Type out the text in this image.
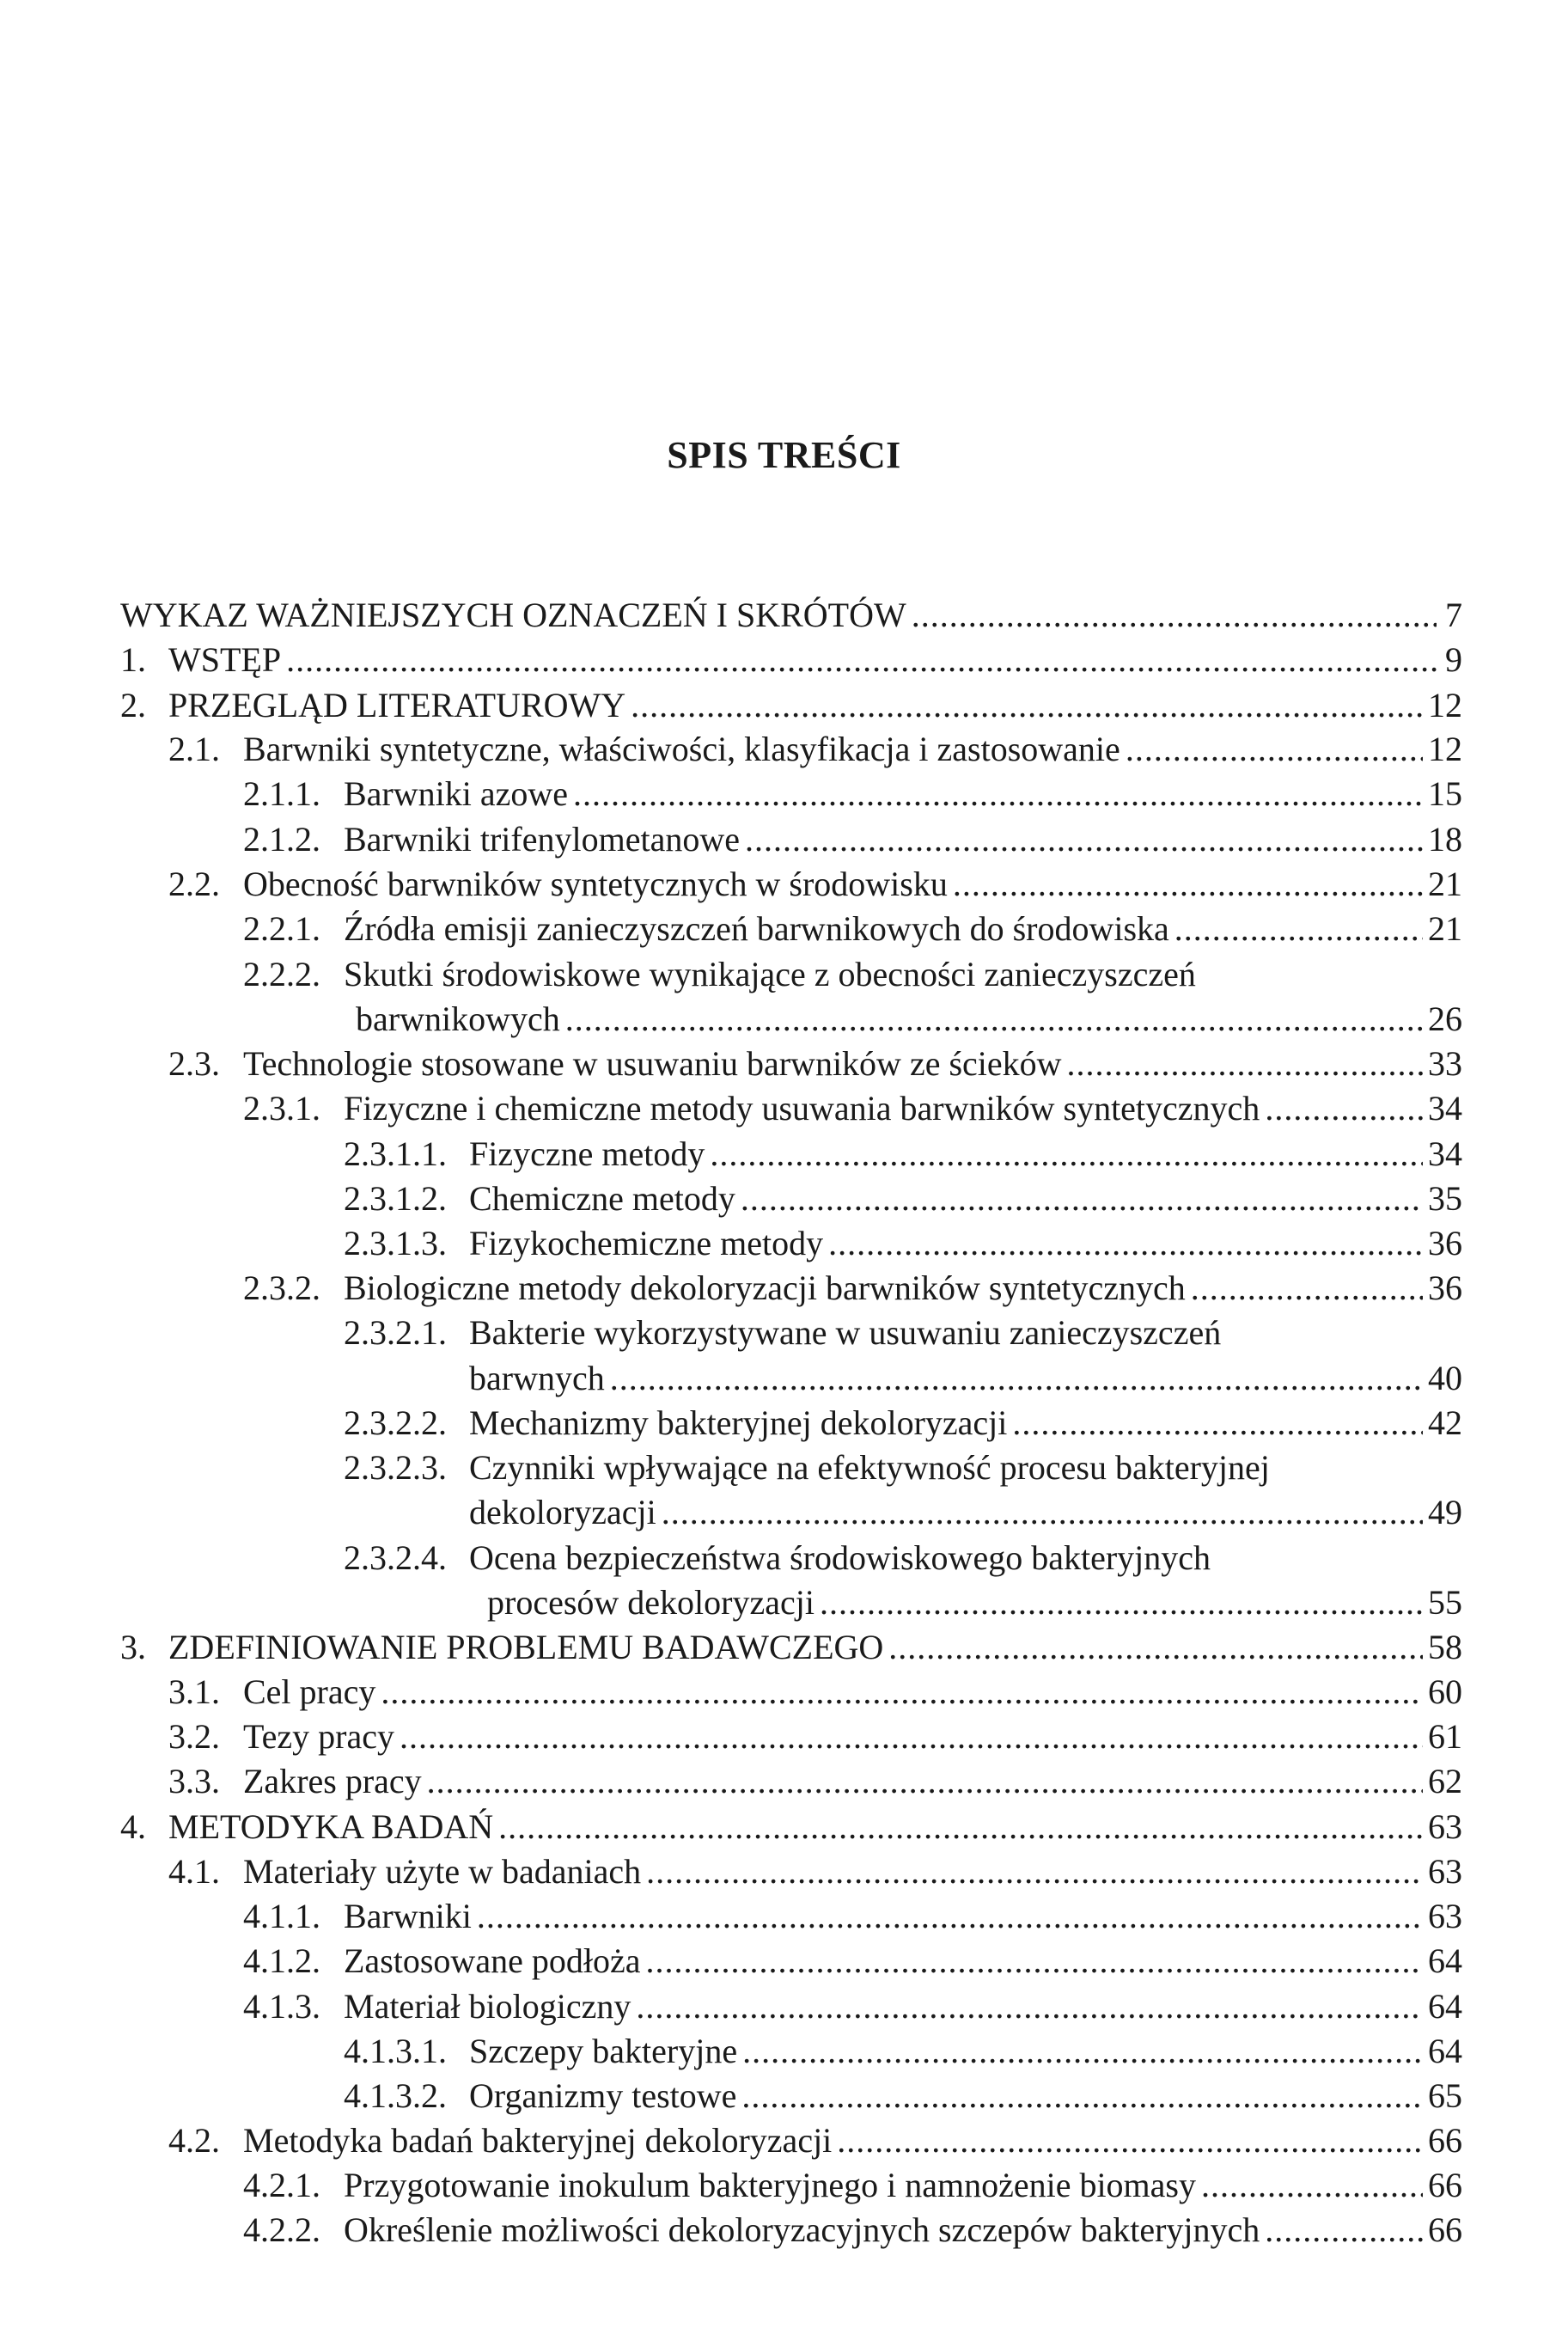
SPIS TREŚCI
WYKAZ WAŻNIEJSZYCH OZNACZEŃ I SKRÓTÓW .....	7
1. WSTĘP .....	9
2. PRZEGLĄD LITERATUROWY .....	12
2.1. Barwniki syntetyczne, właściwości, klasyfikacja i zastosowanie .....	12
2.1.1. Barwniki azowe .....	15
2.1.2. Barwniki trifenylometanowe .....	18
2.2. Obecność barwników syntetycznych w środowisku .....	21
2.2.1. Źródła emisji zanieczyszczeń barwnikowych do środowiska .....	21
2.2.2. Skutki środowiskowe wynikające z obecności zanieczyszczeń
barwnikowych .....	26
2.3. Technologie stosowane w usuwaniu barwników ze ścieków .....	33
2.3.1. Fizyczne i chemiczne metody usuwania barwników syntetycznych .....	34
2.3.1.1. Fizyczne metody .....	34
2.3.1.2. Chemiczne metody .....	35
2.3.1.3. Fizykochemiczne metody .....	36
2.3.2. Biologiczne metody dekoloryzacji barwników syntetycznych .....	36
2.3.2.1. Bakterie wykorzystywane w usuwaniu zanieczyszczeń
barwnych .....	40
2.3.2.2. Mechanizmy bakteryjnej dekoloryzacji .....	42
2.3.2.3. Czynniki wpływające na efektywność procesu bakteryjnej
dekoloryzacji .....	49
2.3.2.4. Ocena bezpieczeństwa środowiskowego bakteryjnych
procesów dekoloryzacji .....	55
3. ZDEFINIOWANIE PROBLEMU BADAWCZEGO .....	58
3.1. Cel pracy .....	60
3.2. Tezy pracy .....	61
3.3. Zakres pracy .....	62
4. METODYKA BADAŃ .....	63
4.1. Materiały użyte w badaniach .....	63
4.1.1. Barwniki .....	63
4.1.2. Zastosowane podłoża .....	64
4.1.3. Materiał biologiczny .....	64
4.1.3.1. Szczepy bakteryjne .....	64
4.1.3.2. Organizmy testowe .....	65
4.2. Metodyka badań bakteryjnej dekoloryzacji .....	66
4.2.1. Przygotowanie inokulum bakteryjnego i namnożenie biomasy .....	66
4.2.2. Określenie możliwości dekoloryzacyjnych szczepów bakteryjnych .....	66
